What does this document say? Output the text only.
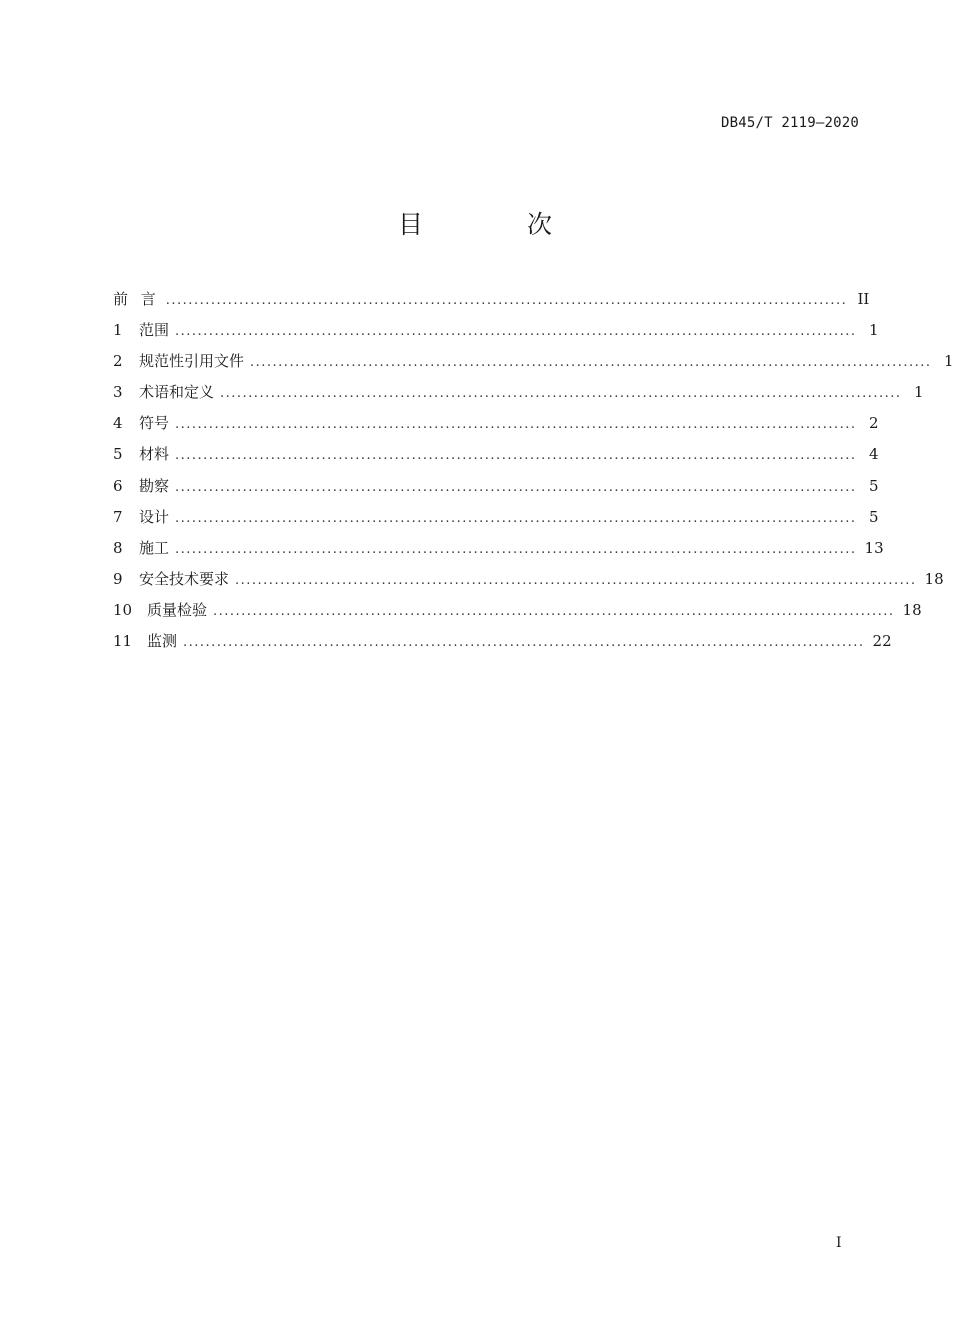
DB45/T 2119—2020
目 次
前 言 ......................................................................................................................... II
1	范围 ......................................................................................................................... 1
2	规范性引用文件 ......................................................................................................................... 1
3	术语和定义 ......................................................................................................................... 1
4	符号 ......................................................................................................................... 2
5	材料 ......................................................................................................................... 4
6	勘察 ......................................................................................................................... 5
7	设计 ......................................................................................................................... 5
8	施工 ......................................................................................................................... 13
9	安全技术要求 ......................................................................................................................... 18
10 质量检验 ......................................................................................................................... 18
11 监测 ......................................................................................................................... 22
I
